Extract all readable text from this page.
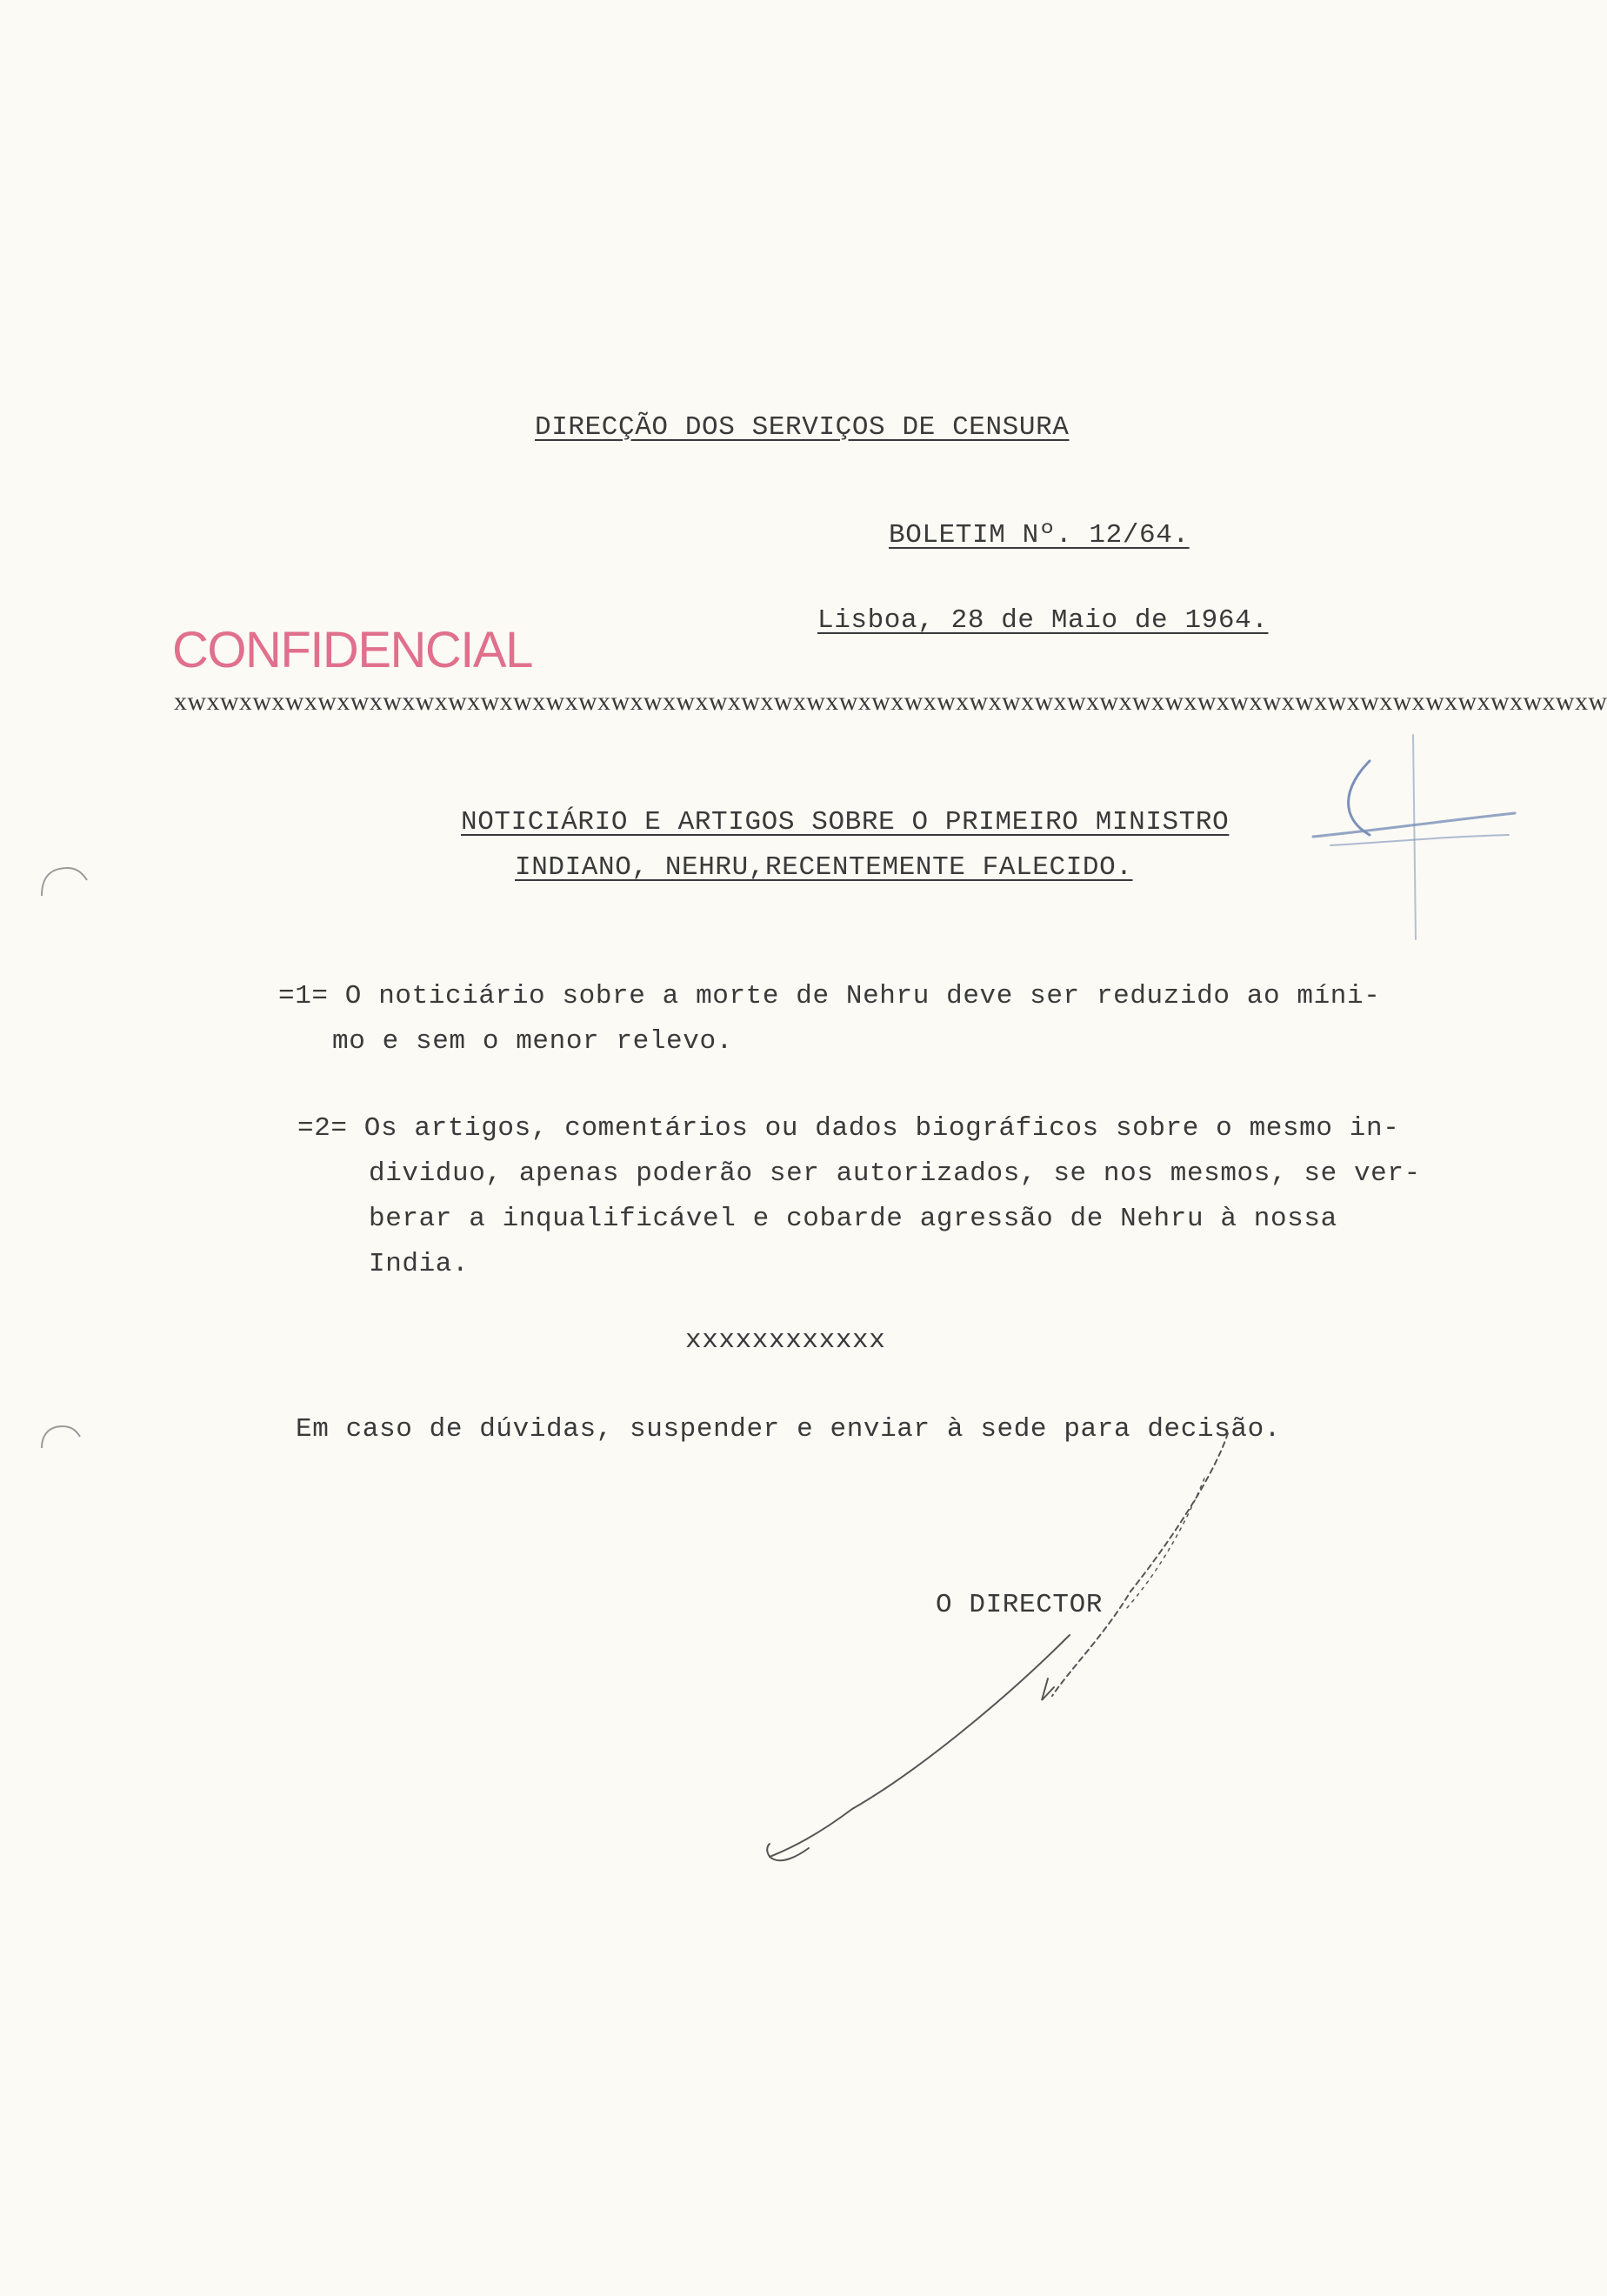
DIRECÇÃO DOS SERVIÇOS DE CENSURA
BOLETIM Nº. 12/64.
Lisboa, 28 de Maio de 1964.
CONFIDENCIAL
xwxwxwxwxwxwxwxwxwxwxwxwxwxwxwxwxwxwxwxwxwxwxwxwxwxwxwxwxwxwxwxwxwxwxwxwxwxwxwxwxwxwxwxw
NOTICIÁRIO E ARTIGOS SOBRE O PRIMEIRO MINISTRO
INDIANO, NEHRU,RECENTEMENTE FALECIDO.
=1= O noticiário sobre a morte de Nehru deve ser reduzido ao míni-
mo e sem o menor relevo.
=2= Os artigos, comentários ou dados biográficos sobre o mesmo in-
dividuo, apenas poderão ser autorizados, se nos mesmos, se ver-
berar a inqualificável e cobarde agressão de Nehru à nossa
India.
xxxxxxxxxxxx
Em caso de dúvidas, suspender e enviar à sede para decisão.
O DIRECTOR
